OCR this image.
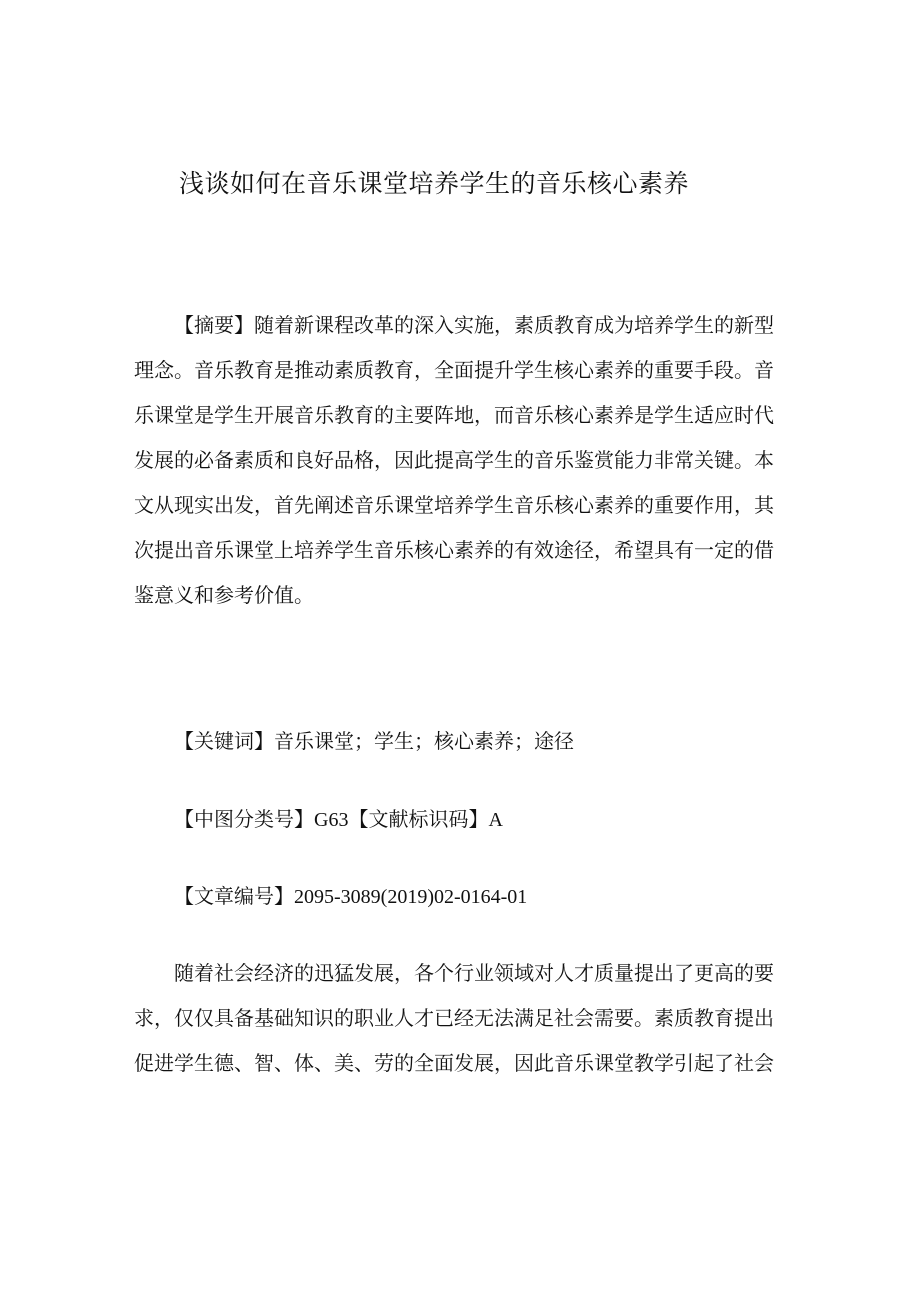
浅谈如何在音乐课堂培养学生的音乐核心素养
【摘要】随着新课程改革的深入实施，素质教育成为培养学生的新型理念。音乐教育是推动素质教育，全面提升学生核心素养的重要手段。音乐课堂是学生开展音乐教育的主要阵地，而音乐核心素养是学生适应时代发展的必备素质和良好品格，因此提高学生的音乐鉴赏能力非常关键。本文从现实出发，首先阐述音乐课堂培养学生音乐核心素养的重要作用，其次提出音乐课堂上培养学生音乐核心素养的有效途径，希望具有一定的借鉴意义和参考价值。
【关键词】音乐课堂；学生；核心素养；途径
【中图分类号】G63【文献标识码】A
【文章编号】2095-3089(2019)02-0164-01
随着社会经济的迅猛发展，各个行业领域对人才质量提出了更高的要求，仅仅具备基础知识的职业人才已经无法满足社会需要。素质教育提出促进学生德、智、体、美、劳的全面发展，因此音乐课堂教学引起了社会
